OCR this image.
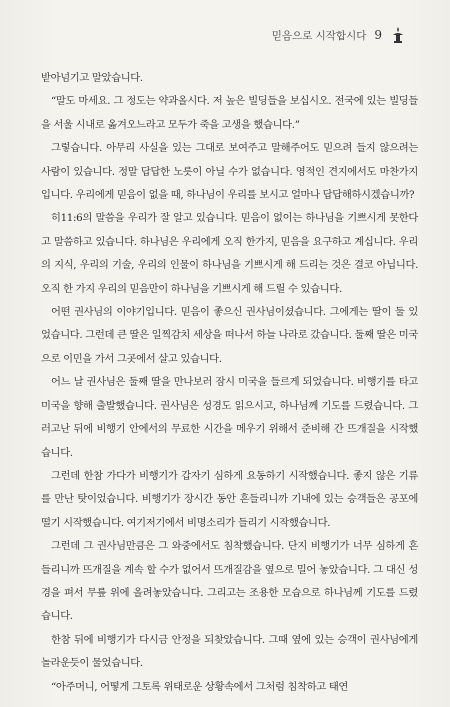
믿음으로 시작합시다 9

받아넘기고 말았습니다.

“말도 마세요. 그 정도는 약과올시다. 저 높은 빌딩들을 보십시오. 전국에 있는 빌딩들을 서울 시내로 옮겨오느라고 모두가 죽을 고생을 했습니다.”

그렇습니다. 아무리 사실을 있는 그대로 보여주고 말해주어도 믿으려 들지 않으려는 사람이 있습니다. 정말 답답한 노릇이 아닐 수가 없습니다. 영적인 견지에서도 마찬가지입니다. 우리에게 믿음이 없을 때, 하나님이 우리를 보시고 얼마나 답답해하시겠습니까?

히11:6의 말씀을 우리가 잘 알고 있습니다. 믿음이 없이는 하나님을 기쁘시게 못한다고 말씀하고 있습니다. 하나님은 우리에게 오직 한가지, 믿음을 요구하고 계십니다. 우리의 지식, 우리의 기술, 우리의 인물이 하나님을 기쁘시게 해 드리는 것은 결코 아닙니다. 오직 한 가지 우리의 믿음만이 하나님을 기쁘시게 해 드릴 수 있습니다.

어떤 권사님의 이야기입니다. 믿음이 좋으신 권사님이셨습니다. 그에게는 딸이 둘 있었습니다. 그런데 큰 딸은 일찍감치 세상을 떠나서 하늘 나라로 갔습니다. 둘째 딸은 미국으로 이민을 가서 그곳에서 살고 있습니다.

어느 날 권사님은 둘째 딸을 만나보러 잠시 미국을 들르게 되었습니다. 비행기를 타고 미국을 향해 출발했습니다. 권사님은 성경도 읽으시고, 하나님께 기도를 드렸습니다. 그러고난 뒤에 비행기 안에서의 무료한 시간을 메우기 위해서 준비해 간 뜨개질을 시작했습니다.

그런데 한참 가다가 비행기가 갑자기 심하게 요동하기 시작했습니다. 좋지 않은 기류를 만난 탓이었습니다. 비행기가 장시간 동안 흔들리니까 기내에 있는 승객들은 공포에 떨기 시작했습니다. 여기저기에서 비명소리가 들리기 시작했습니다.

그런데 그 권사님만큼은 그 와중에서도 침착했습니다. 단지 비행기가 너무 심하게 흔들리니까 뜨개질을 계속 할 수가 없어서 뜨개질감을 옆으로 밀어 놓았습니다. 그 대신 성경을 펴서 무릎 위에 올려놓았습니다. 그리고는 조용한 모습으로 하나님께 기도를 드렸습니다.

한참 뒤에 비행기가 다시금 안정을 되찾았습니다. 그때 옆에 있는 승객이 권사님에게 놀라운듯이 물었습니다.

“아주머니, 어떻게 그토록 위태로운 상황속에서 그처럼 침착하고 태연
